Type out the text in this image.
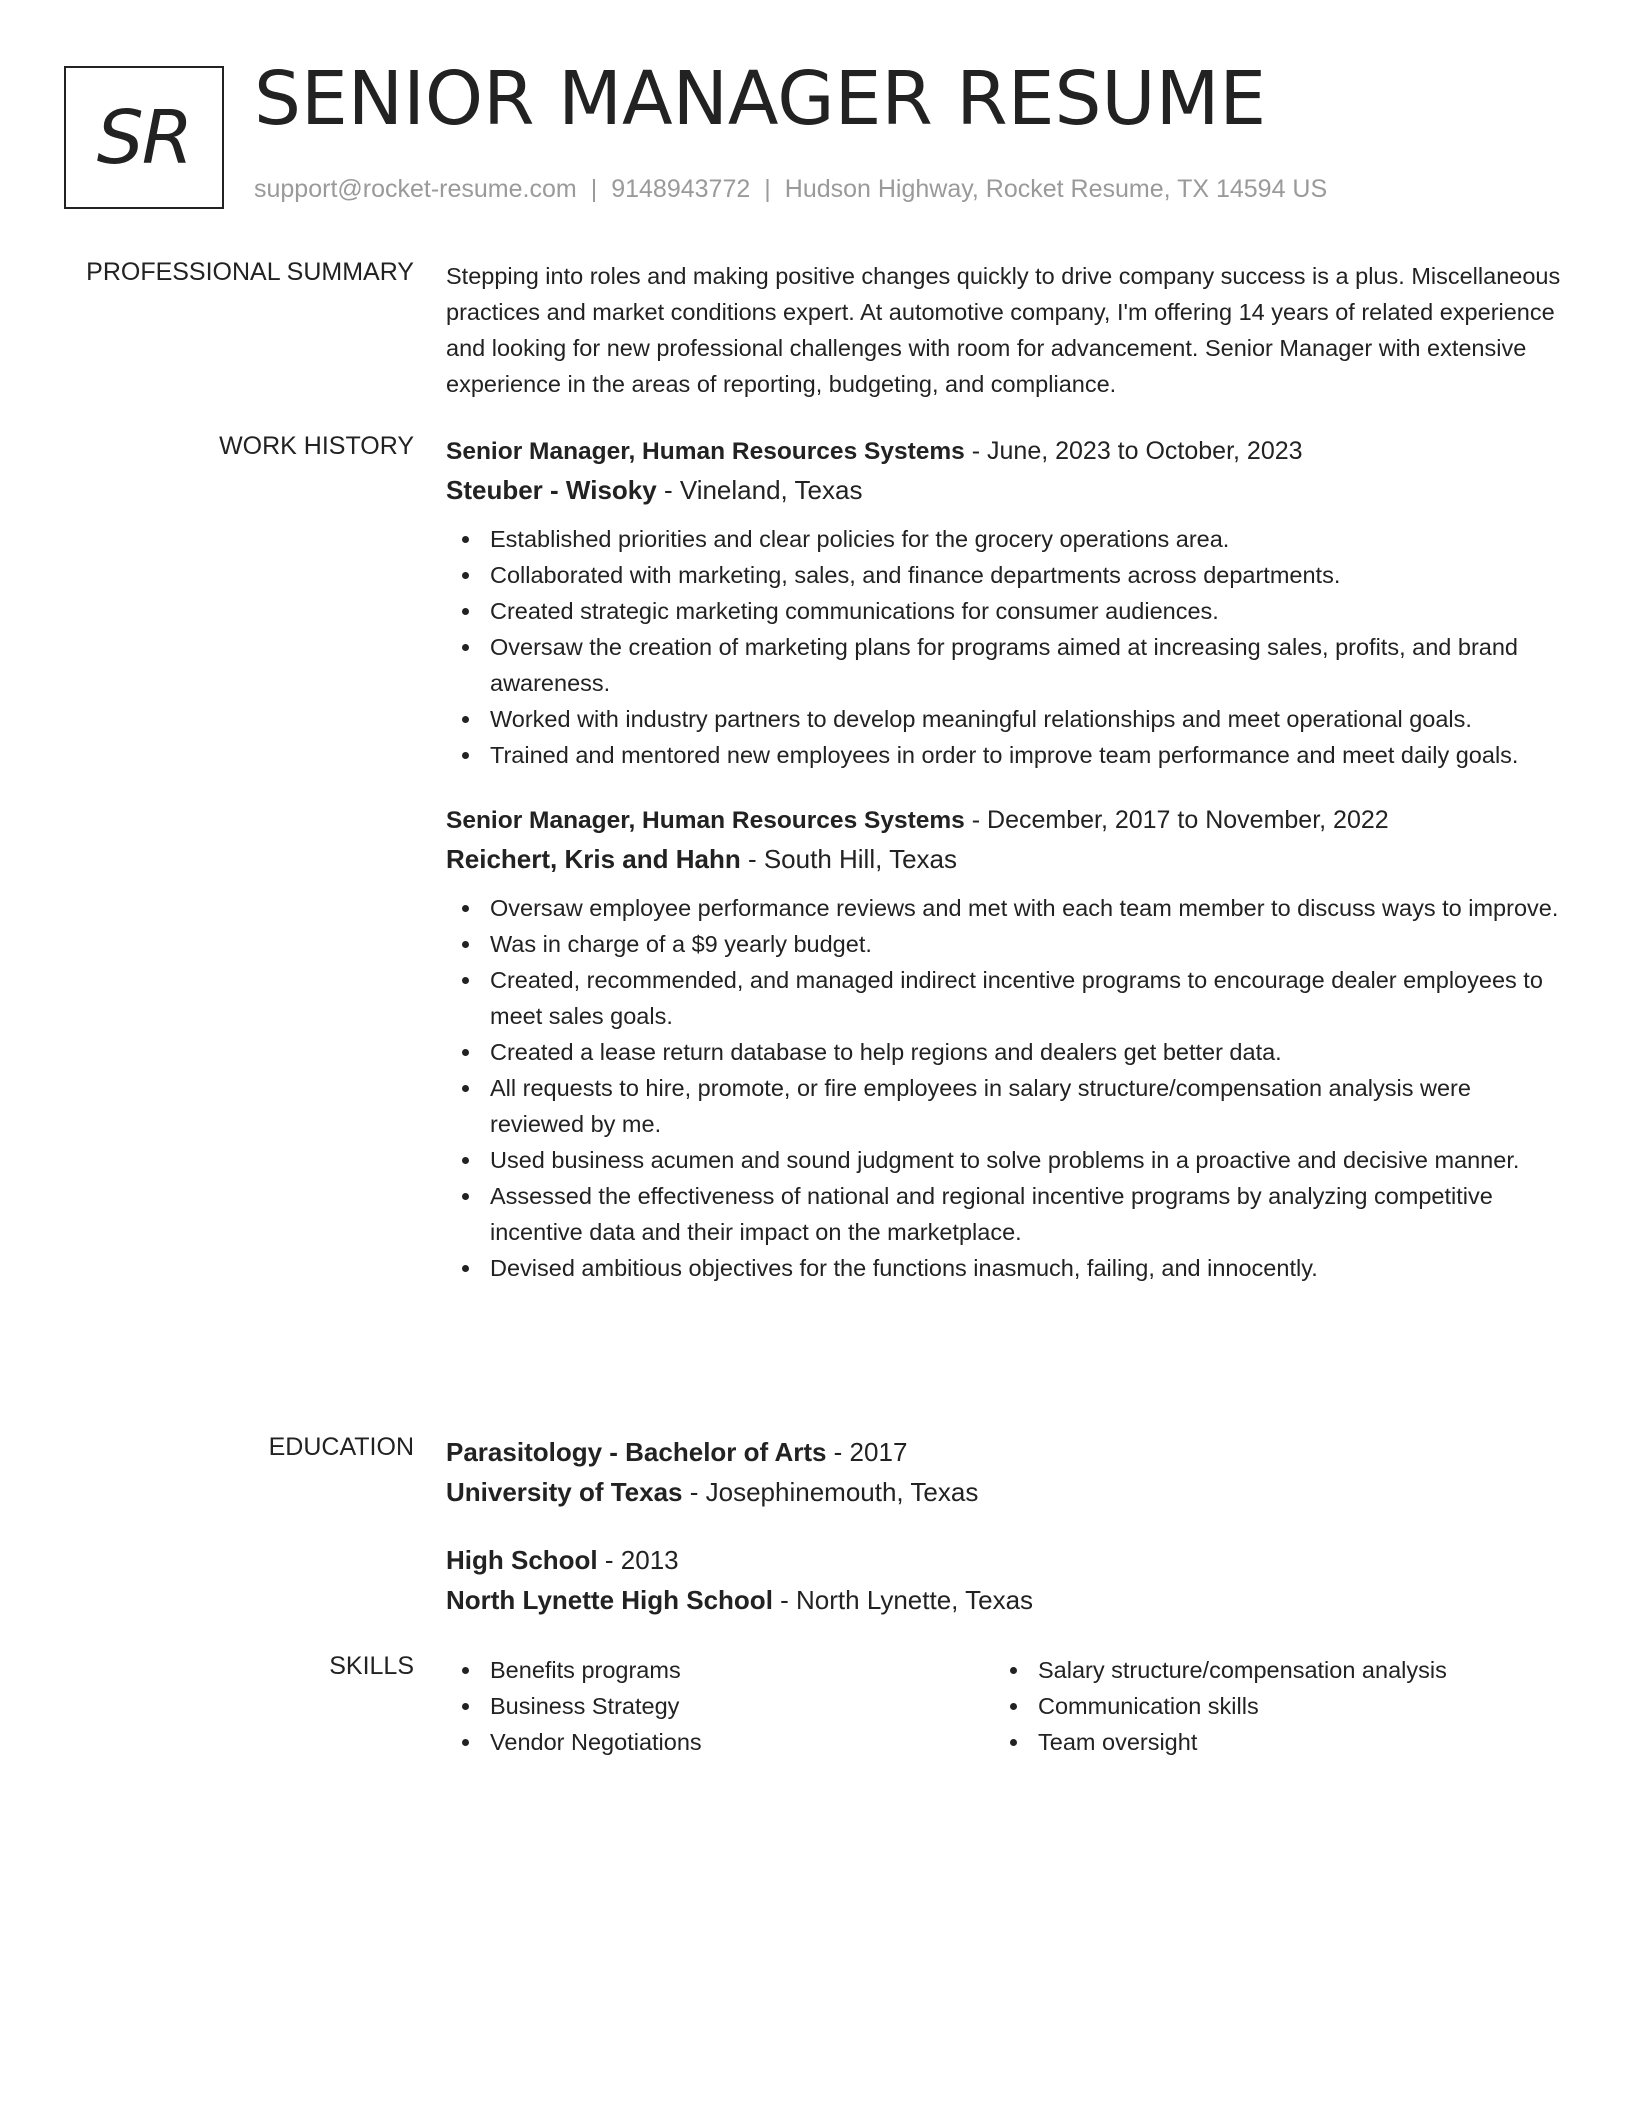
SR SENIOR MANAGER RESUME
support@rocket-resume.com | 9148943772 | Hudson Highway, Rocket Resume, TX 14594 US
PROFESSIONAL SUMMARY Stepping into roles and making positive changes quickly to drive company success is a plus. Miscellaneous practices and market conditions expert. At automotive company, I'm offering 14 years of related experience and looking for new professional challenges with room for advancement. Senior Manager with extensive experience in the areas of reporting, budgeting, and compliance.

WORK HISTORY Senior Manager, Human Resources Systems - June, 2023 to October, 2023
Steuber - Wisoky - Vineland, Texas
Established priorities and clear policies for the grocery operations area.
Collaborated with marketing, sales, and finance departments across departments.
Created strategic marketing communications for consumer audiences.
Oversaw the creation of marketing plans for programs aimed at increasing sales, profits, and brand awareness.
Worked with industry partners to develop meaningful relationships and meet operational goals.
Trained and mentored new employees in order to improve team performance and meet daily goals.
Senior Manager, Human Resources Systems - December, 2017 to November, 2022
Reichert, Kris and Hahn - South Hill, Texas
Oversaw employee performance reviews and met with each team member to discuss ways to improve.
Was in charge of a $9 yearly budget.
Created, recommended, and managed indirect incentive programs to encourage dealer employees to meet sales goals.
Created a lease return database to help regions and dealers get better data.
All requests to hire, promote, or fire employees in salary structure/compensation analysis were reviewed by me.
Used business acumen and sound judgment to solve problems in a proactive and decisive manner.
Assessed the effectiveness of national and regional incentive programs by analyzing competitive incentive data and their impact on the marketplace.
Devised ambitious objectives for the functions inasmuch, failing, and innocently.
EDUCATION Parasitology - Bachelor of Arts - 2017
University of Texas - Josephinemouth, Texas
High School - 2013
North Lynette High School - North Lynette, Texas
SKILLS	Benefits programs
Business Strategy
Vendor Negotiations
Salary structure/compensation analysis
Communication skills
Team oversight
